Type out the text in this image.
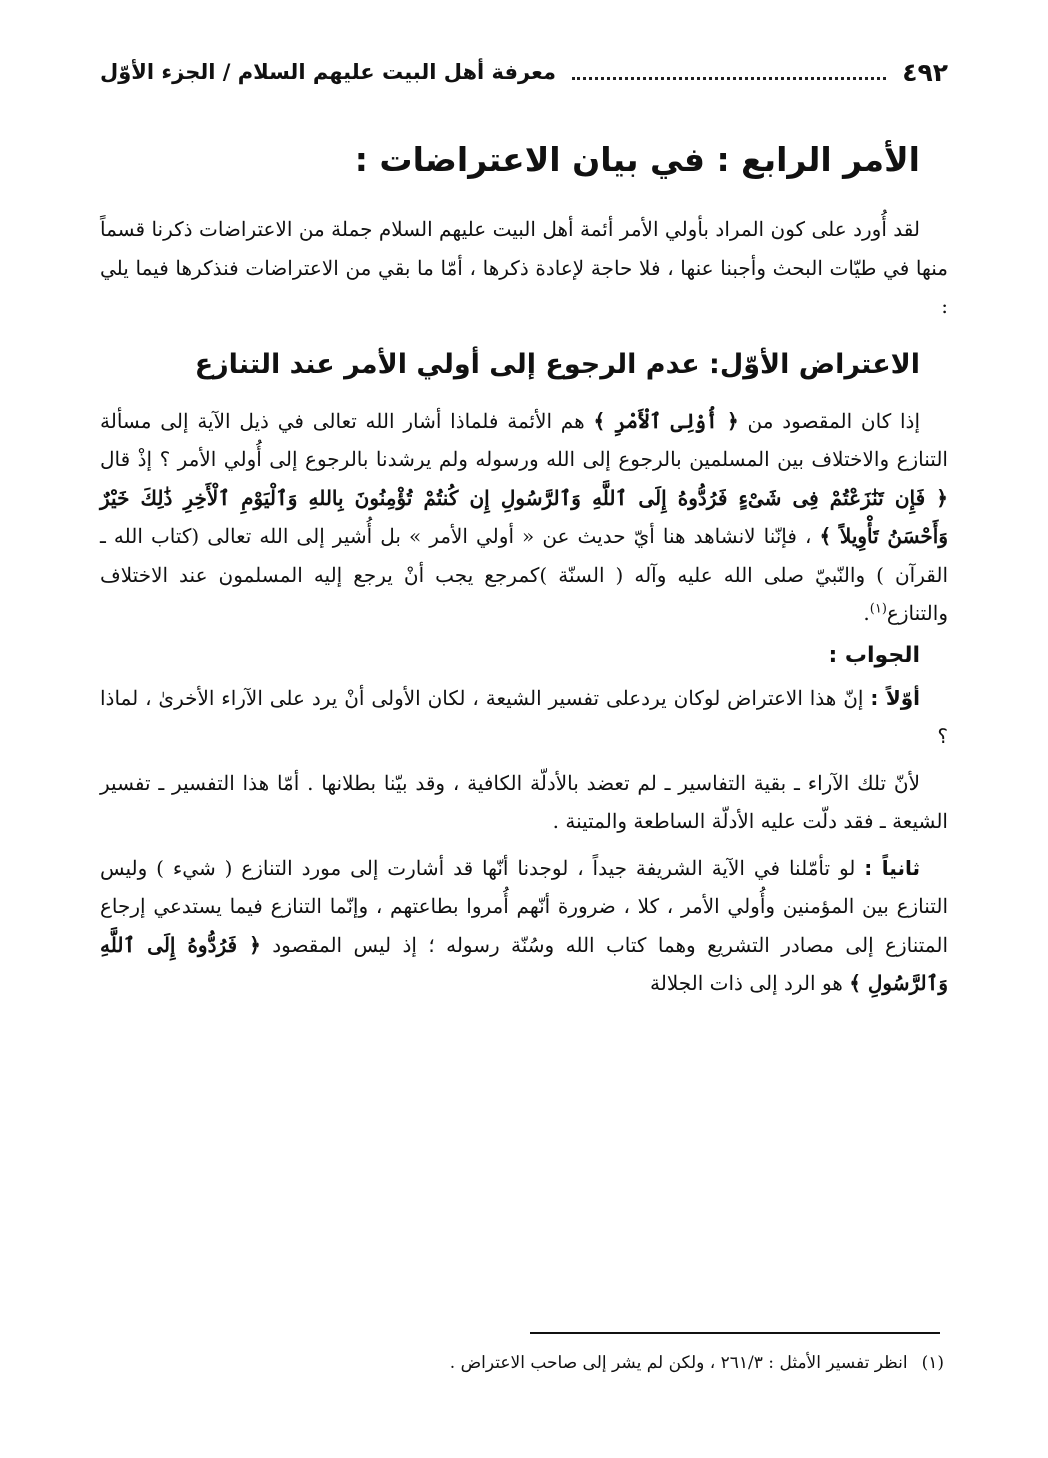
٤٩٢
معرفة أهل البيت عليهم السلام / الجزء الأوّل
الأمر الرابع : في بيان الاعتراضات :

لقد أُورد على كون المراد بأولي الأمر أئمة أهل البيت عليهم السلام جملة من الاعتراضات ذكرنا قسماً منها في طيّات البحث وأجبنا عنها ، فلا حاجة لإعادة ذكرها ، أمّا ما بقي من الاعتراضات فنذكرها فيما يلي :

الاعتراض الأوّل: عدم الرجوع إلى أولي الأمر عند التنازع

إذا كان المقصود من ﴿ أُوْلِى ٱلْأَمْرِ ﴾ هم الأئمة فلماذا أشار الله تعالى في ذيل الآية إلى مسألة التنازع والاختلاف بين المسلمين بالرجوع إلى الله ورسوله ولم يرشدنا بالرجوع إلى أُولي الأمر ؟ إذْ قال ﴿ فَإِن تَنَٰزَعْتُمْ فِى شَىْءٍ فَرُدُّوهُ إِلَى ٱللَّهِ وَٱلرَّسُولِ إِن كُنتُمْ تُؤْمِنُونَ بِاللهِ وَٱلْيَوْمِ ٱلْأَخِرِ ذَٰلِكَ خَيْرٌ وَأَحْسَنُ تَأْوِيلاً ﴾ ، فإنّنا لانشاهد هنا أيّ حديث عن « أولي الأمر » بل أُشير إلى الله تعالى (كتاب الله ـ القرآن ) والنّبيّ صلى الله عليه وآله ( السنّة )كمرجع يجب أنْ يرجع إليه المسلمون عند الاختلاف والتنازع$^{(١)}$.

الجواب :

أوّلاً : إنّ هذا الاعتراض لوكان يردعلى تفسير الشيعة ، لكان الأولى أنْ يرد على الآراء الأخرىٰ ، لماذا ؟

لأنّ تلك الآراء ـ بقية التفاسير ـ لم تعضد بالأدلّة الكافية ، وقد بيّنا بطلانها . أمّا هذا التفسير ـ تفسير الشيعة ـ فقد دلّت عليه الأدلّة الساطعة والمتينة .

ثانياً : لو تأمّلنا في الآية الشريفة جيداً ، لوجدنا أنّها قد أشارت إلى مورد التنازع ( شيء ) وليس التنازع بين المؤمنين وأُولي الأمر ، كلا ، ضرورة أنّهم أُمروا بطاعتهم ، وإنّما التنازع فيما يستدعي إرجاع المتنازع إلى مصادر التشريع وهما كتاب الله وسُنّة رسوله ؛ إذ ليس المقصود ﴿ فَرُدُّوهُ إِلَى ٱللَّهِ وَٱلرَّسُولِ ﴾ هو الرد إلى ذات الجلالة

(١)انظر تفسير الأمثل : ٢٦١/٣ ، ولكن لم يشر إلى صاحب الاعتراض .
